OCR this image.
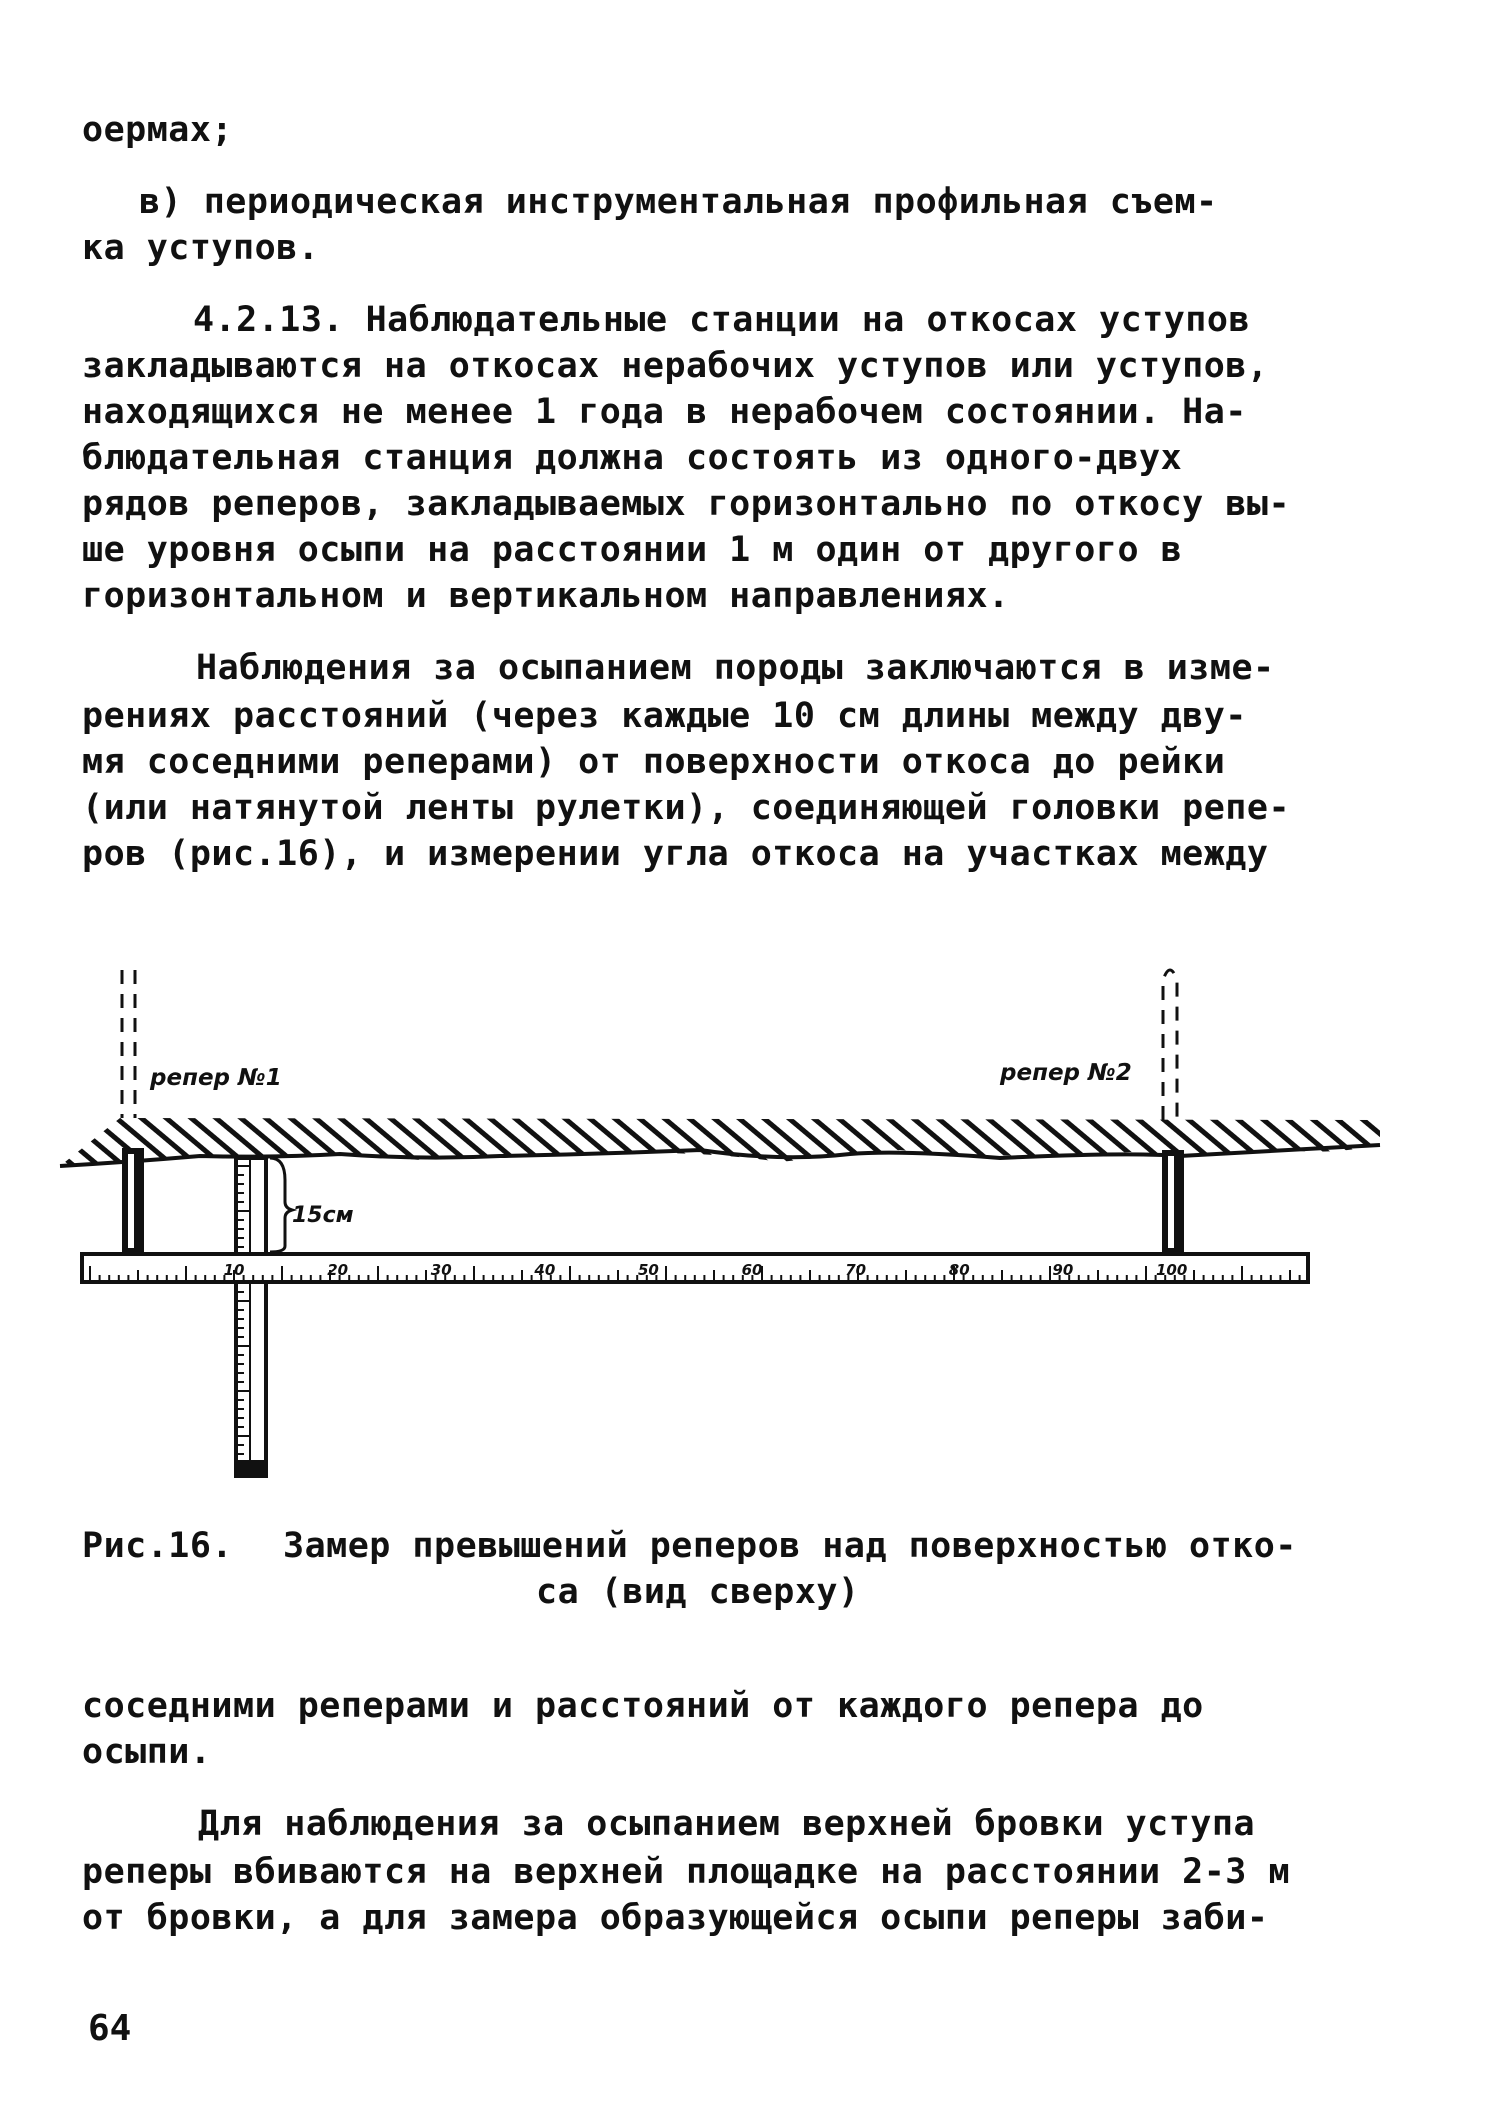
оермах;
в) периодическая инструментальная профильная съем-
ка уступов.
4.2.13. Наблюдательные станции на откосах уступов
закладываются на откосах нерабочих уступов или уступов,
находящихся не менее 1 года в нерабочем состоянии. На-
блюдательная станция должна состоять из одного-двух
рядов реперов, закладываемых горизонтально по откосу вы-
ше уровня осыпи на расстоянии 1 м один от другого в
горизонтальном и вертикальном направлениях.
Наблюдения за осыпанием породы заключаются в изме-
рениях расстояний (через каждые 10 см длины между дву-
мя соседними реперами) от поверхности откоса до рейки
(или натянутой ленты рулетки), соединяющей головки репе-
ров (рис.16), и измерении угла откоса на участках между
репер №1	репер №2
15см
10	20	30	40	50	60	70	80	90	100
Рис.16. Замер превышений реперов над поверхностью отко-
са (вид сверху)
соседними реперами и расстояний от каждого репера до
осыпи.
Для наблюдения за осыпанием верхней бровки уступа
реперы вбиваются на верхней площадке на расстоянии 2-3 м
от бровки, а для замера образующейся осыпи реперы заби-
64
